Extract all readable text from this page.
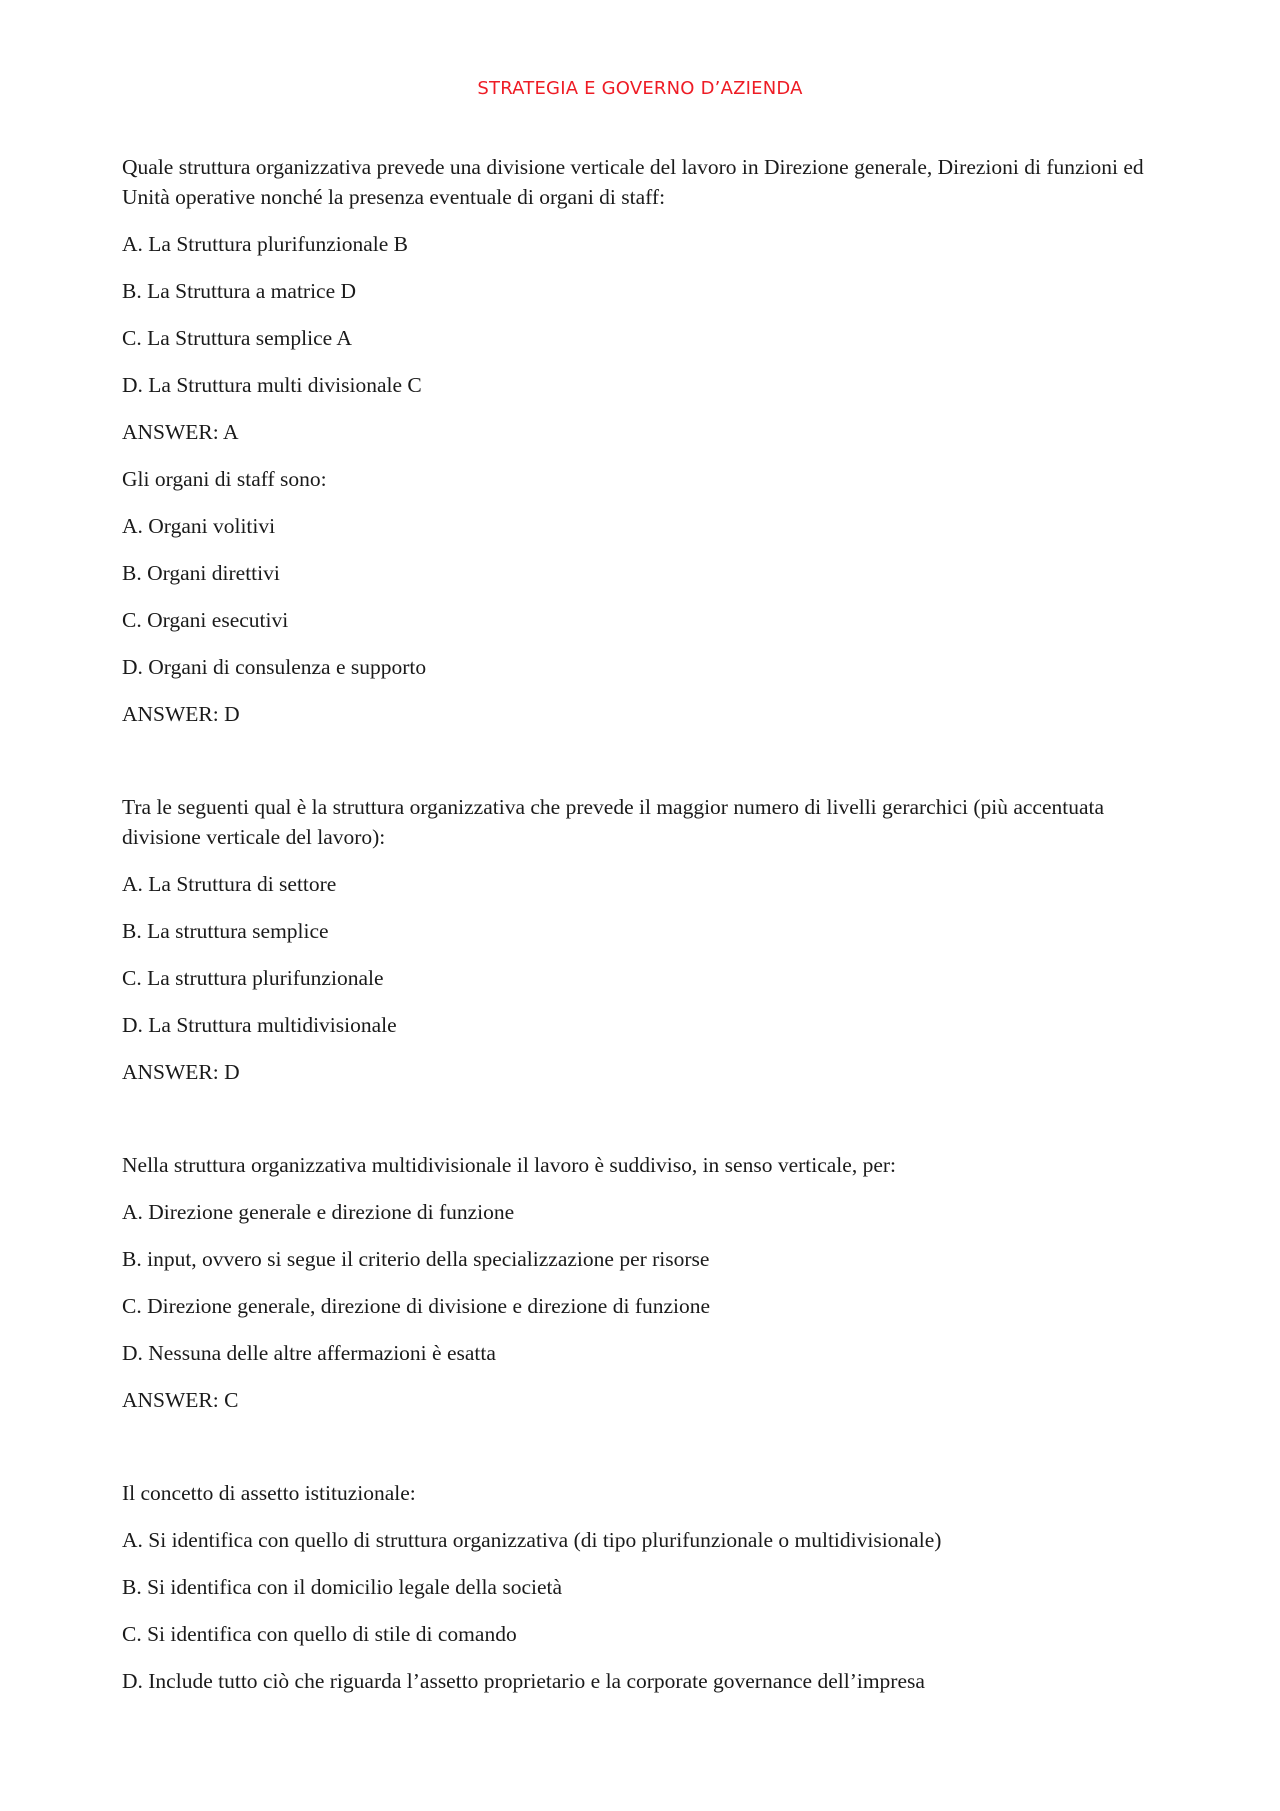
STRATEGIA E GOVERNO D’AZIENDA

Quale struttura organizzativa prevede una divisione verticale del lavoro in Direzione generale, Direzioni di funzioni ed Unità operative nonché la presenza eventuale di organi di staff:

A. La Struttura plurifunzionale B

B. La Struttura a matrice D

C. La Struttura semplice A

D. La Struttura multi divisionale C

ANSWER: A

Gli organi di staff sono:

A. Organi volitivi

B. Organi direttivi

C. Organi esecutivi

D. Organi di consulenza e supporto

ANSWER: D

Tra le seguenti qual è la struttura organizzativa che prevede il maggior numero di livelli gerarchici (più accentuata divisione verticale del lavoro):

A. La Struttura di settore

B. La struttura semplice

C. La struttura plurifunzionale

D. La Struttura multidivisionale

ANSWER: D

Nella struttura organizzativa multidivisionale il lavoro è suddiviso, in senso verticale, per:

A. Direzione generale e direzione di funzione

B. input, ovvero si segue il criterio della specializzazione per risorse

C. Direzione generale, direzione di divisione e direzione di funzione

D. Nessuna delle altre affermazioni è esatta

ANSWER: C

Il concetto di assetto istituzionale:

A. Si identifica con quello di struttura organizzativa (di tipo plurifunzionale o multidivisionale)

B. Si identifica con il domicilio legale della società

C. Si identifica con quello di stile di comando

D. Include tutto ciò che riguarda l’assetto proprietario e la corporate governance dell’impresa
